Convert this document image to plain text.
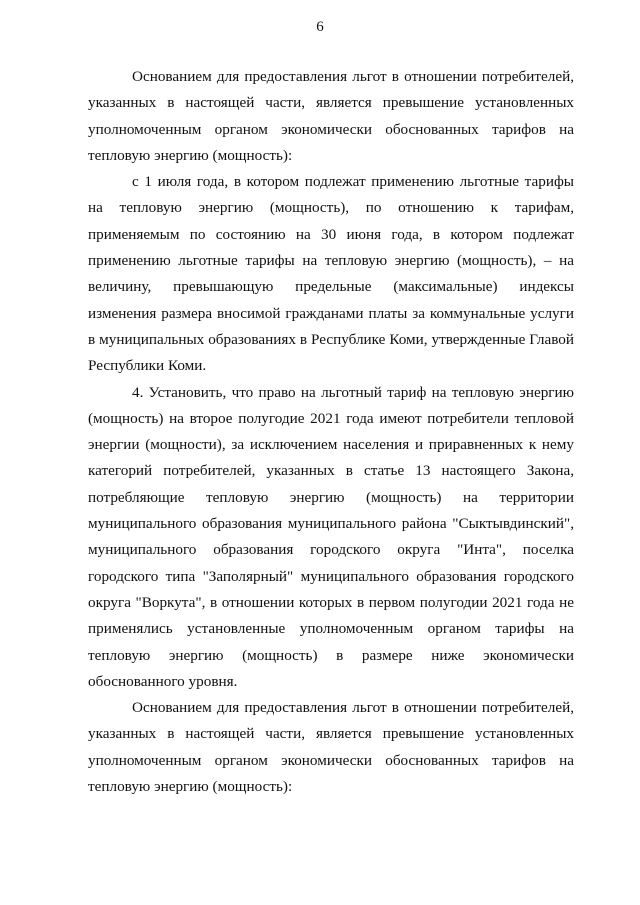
6

Основанием для предоставления льгот в отношении потребителей, указанных в настоящей части, является превышение установленных уполномоченным органом экономически обоснованных тарифов на тепловую энергию (мощность):

с 1 июля года, в котором подлежат применению льготные тарифы на тепловую энергию (мощность), по отношению к тарифам, применяемым по состоянию на 30 июня года, в котором подлежат применению льготные тарифы на тепловую энергию (мощность), – на величину, превышающую предельные (максимальные) индексы изменения размера вносимой гражданами платы за коммунальные услуги в муниципальных образованиях в Республике Коми, утвержденные Главой Республики Коми.

4. Установить, что право на льготный тариф на тепловую энергию (мощность) на второе полугодие 2021 года имеют потребители тепловой энергии (мощности), за исключением населения и приравненных к нему категорий потребителей, указанных в статье 13 настоящего Закона, потребляющие тепловую энергию (мощность) на территории муниципального образования муниципального района "Сыктывдинский", муниципального образования городского округа "Инта", поселка городского типа "Заполярный" муниципального образования городского округа "Воркута", в отношении которых в первом полугодии 2021 года не применялись установленные уполномоченным органом тарифы на тепловую энергию (мощность) в размере ниже экономически обоснованного уровня.

Основанием для предоставления льгот в отношении потребителей, указанных в настоящей части, является превышение установленных уполномоченным органом экономически обоснованных тарифов на тепловую энергию (мощность):
